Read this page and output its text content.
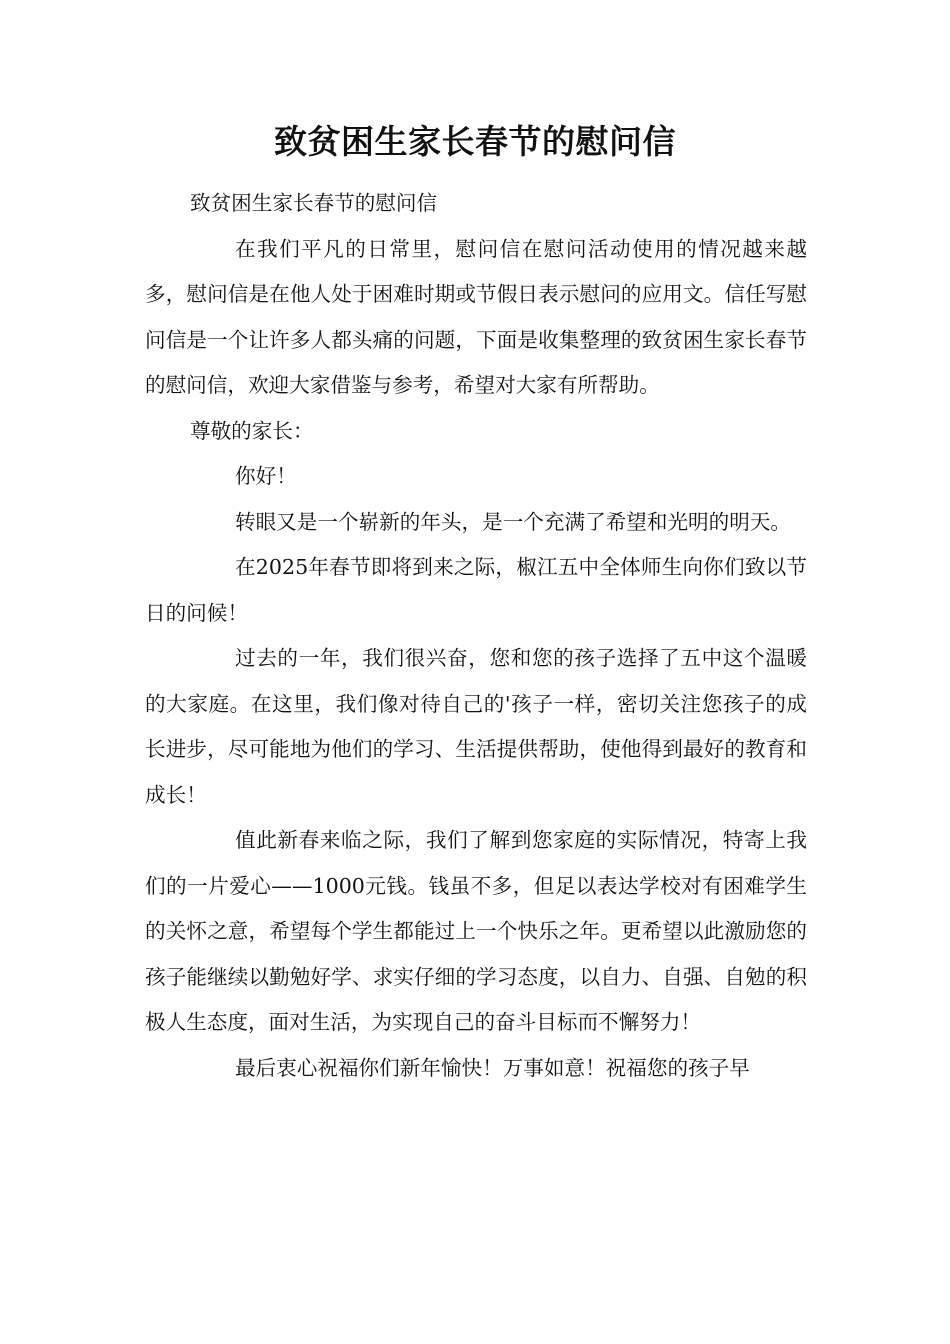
致贫困生家长春节的慰问信

致贫困生家长春节的慰问信

在我们平凡的日常里，慰问信在慰问活动使用的情况越来越多，慰问信是在他人处于困难时期或节假日表示慰问的应用文。信任写慰问信是一个让许多人都头痛的问题，下面是收集整理的致贫困生家长春节的慰问信，欢迎大家借鉴与参考，希望对大家有所帮助。

尊敬的家长：

你好！

转眼又是一个崭新的年头，是一个充满了希望和光明的明天。

在2025年春节即将到来之际，椒江五中全体师生向你们致以节日的问候！

过去的一年，我们很兴奋，您和您的孩子选择了五中这个温暖的大家庭。在这里，我们像对待自己的'孩子一样，密切关注您孩子的成长进步，尽可能地为他们的学习、生活提供帮助，使他得到最好的教育和成长！

值此新春来临之际，我们了解到您家庭的实际情况，特寄上我们的一片爱心——1000元钱。钱虽不多，但足以表达学校对有困难学生的关怀之意，希望每个学生都能过上一个快乐之年。更希望以此激励您的孩子能继续以勤勉好学、求实仔细的学习态度，以自力、自强、自勉的积极人生态度，面对生活，为实现自己的奋斗目标而不懈努力！

最后衷心祝福你们新年愉快！万事如意！祝福您的孩子早
